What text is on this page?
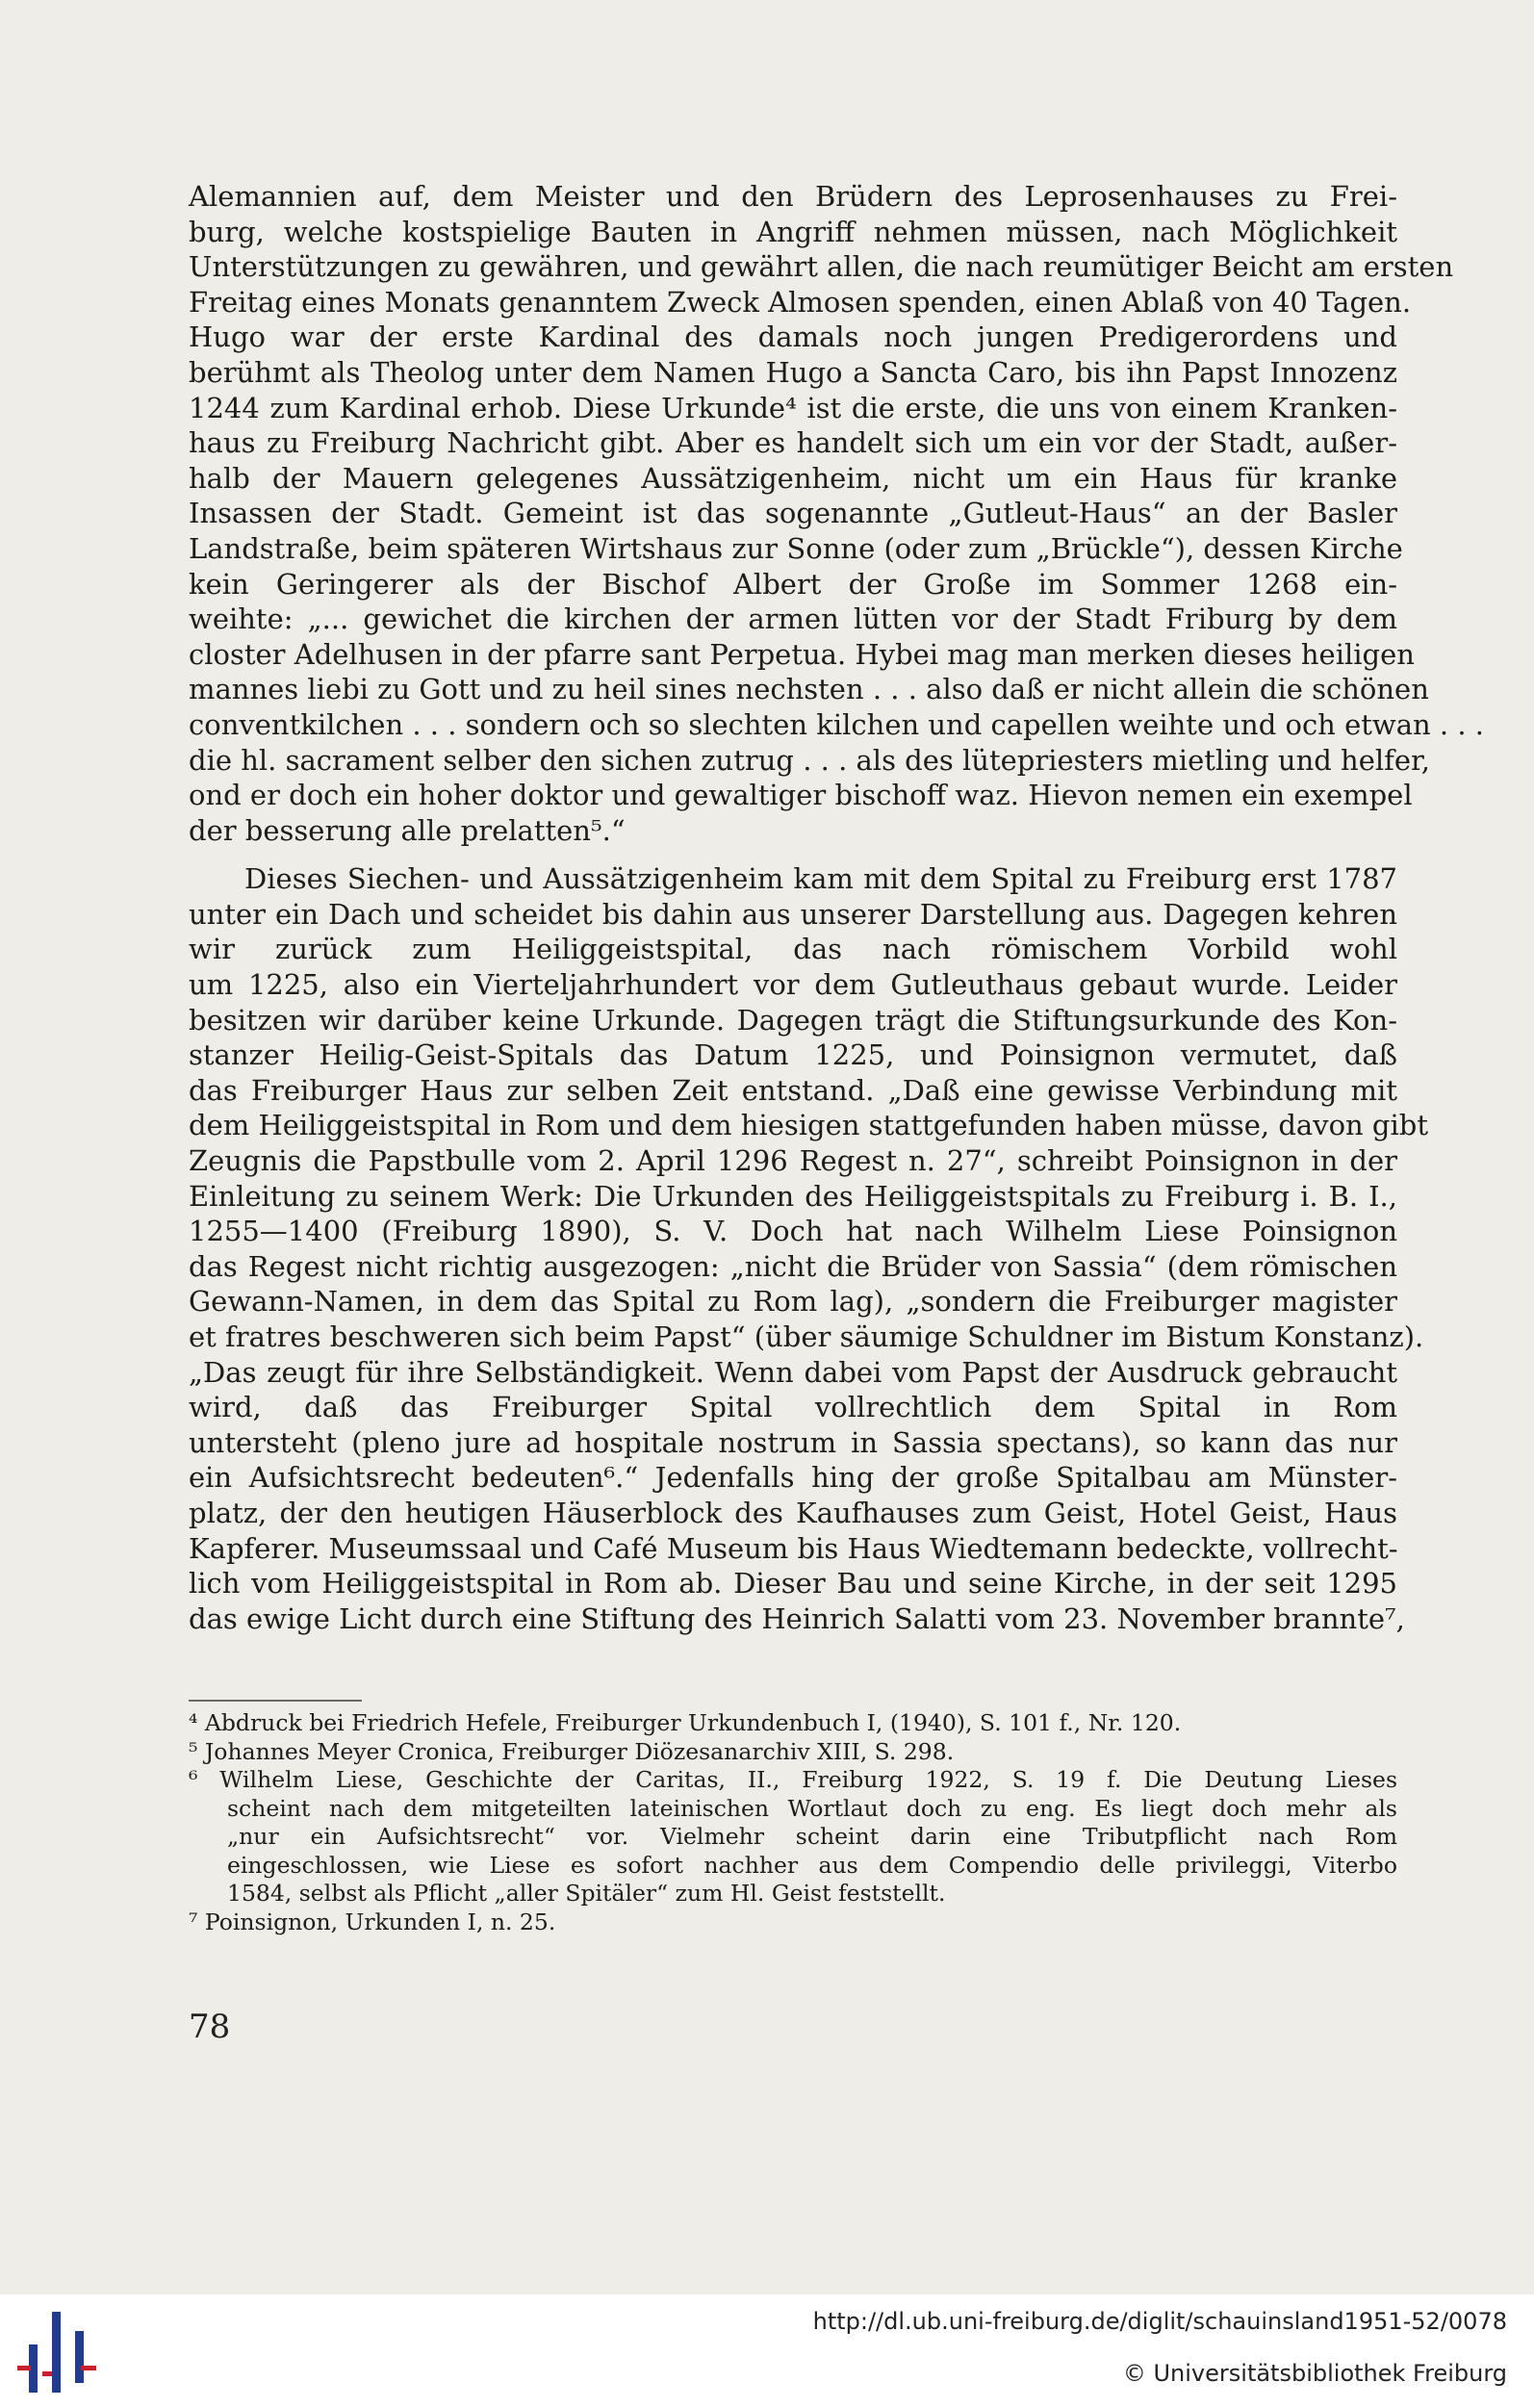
Alemannien auf, dem Meister und den Brüdern des Leprosenhauses zu Frei-
burg, welche kostspielige Bauten in Angriff nehmen müssen, nach Möglichkeit
Unterstützungen zu gewähren, und gewährt allen, die nach reumütiger Beicht am ersten
Freitag eines Monats genanntem Zweck Almosen spenden, einen Ablaß von 40 Tagen.
Hugo war der erste Kardinal des damals noch jungen Predigerordens und
berühmt als Theolog unter dem Namen Hugo a Sancta Caro, bis ihn Papst Innozenz
1244 zum Kardinal erhob. Diese Urkunde⁴ ist die erste, die uns von einem Kranken-
haus zu Freiburg Nachricht gibt. Aber es handelt sich um ein vor der Stadt, außer-
halb der Mauern gelegenes Aussätzigenheim, nicht um ein Haus für kranke
Insassen der Stadt. Gemeint ist das sogenannte „Gutleut-Haus“ an der Basler
Landstraße, beim späteren Wirtshaus zur Sonne (oder zum „Brückle“), dessen Kirche
kein Geringerer als der Bischof Albert der Große im Sommer 1268 ein-
weihte: „... gewichet die kirchen der armen lütten vor der Stadt Friburg by dem
closter Adelhusen in der pfarre sant Perpetua. Hybei mag man merken dieses heiligen
mannes liebi zu Gott und zu heil sines nechsten . . . also daß er nicht allein die schönen
conventkilchen . . . sondern och so slechten kilchen und capellen weihte und och etwan . . .
die hl. sacrament selber den sichen zutrug . . . als des lütepriesters mietling und helfer,
ond er doch ein hoher doktor und gewaltiger bischoff waz. Hievon nemen ein exempel
der besserung alle prelatten⁵.“
Dieses Siechen- und Aussätzigenheim kam mit dem Spital zu Freiburg erst 1787
unter ein Dach und scheidet bis dahin aus unserer Darstellung aus. Dagegen kehren
wir zurück zum Heiliggeistspital, das nach römischem Vorbild wohl
um 1225, also ein Vierteljahrhundert vor dem Gutleuthaus gebaut wurde. Leider
besitzen wir darüber keine Urkunde. Dagegen trägt die Stiftungsurkunde des Kon-
stanzer Heilig-Geist-Spitals das Datum 1225, und Poinsignon vermutet, daß
das Freiburger Haus zur selben Zeit entstand. „Daß eine gewisse Verbindung mit
dem Heiliggeistspital in Rom und dem hiesigen stattgefunden haben müsse, davon gibt
Zeugnis die Papstbulle vom 2. April 1296 Regest n. 27“, schreibt Poinsignon in der
Einleitung zu seinem Werk: Die Urkunden des Heiliggeistspitals zu Freiburg i. B. I.,
1255—1400 (Freiburg 1890), S. V. Doch hat nach Wilhelm Liese Poinsignon
das Regest nicht richtig ausgezogen: „nicht die Brüder von Sassia“ (dem römischen
Gewann-Namen, in dem das Spital zu Rom lag), „sondern die Freiburger magister
et fratres beschweren sich beim Papst“ (über säumige Schuldner im Bistum Konstanz).
„Das zeugt für ihre Selbständigkeit. Wenn dabei vom Papst der Ausdruck gebraucht
wird, daß das Freiburger Spital vollrechtlich dem Spital in Rom
untersteht (pleno jure ad hospitale nostrum in Sassia spectans), so kann das nur
ein Aufsichtsrecht bedeuten⁶.“ Jedenfalls hing der große Spitalbau am Münster-
platz, der den heutigen Häuserblock des Kaufhauses zum Geist, Hotel Geist, Haus
Kapferer. Museumssaal und Café Museum bis Haus Wiedtemann bedeckte, vollrecht-
lich vom Heiliggeistspital in Rom ab. Dieser Bau und seine Kirche, in der seit 1295
das ewige Licht durch eine Stiftung des Heinrich Salatti vom 23. November brannte⁷,
⁴ Abdruck bei Friedrich Hefele, Freiburger Urkundenbuch I, (1940), S. 101 f., Nr. 120.
⁵ Johannes Meyer Cronica, Freiburger Diözesanarchiv XIII, S. 298.
⁶ Wilhelm Liese, Geschichte der Caritas, II., Freiburg 1922, S. 19 f. Die Deutung Lieses
scheint nach dem mitgeteilten lateinischen Wortlaut doch zu eng. Es liegt doch mehr als
„nur ein Aufsichtsrecht“ vor. Vielmehr scheint darin eine Tributpflicht nach Rom
eingeschlossen, wie Liese es sofort nachher aus dem Compendio delle privileggi, Viterbo
1584, selbst als Pflicht „aller Spitäler“ zum Hl. Geist feststellt.
⁷ Poinsignon, Urkunden I, n. 25.
78
http://dl.ub.uni-freiburg.de/diglit/schauinsland1951-52/0078
© Universitätsbibliothek Freiburg
